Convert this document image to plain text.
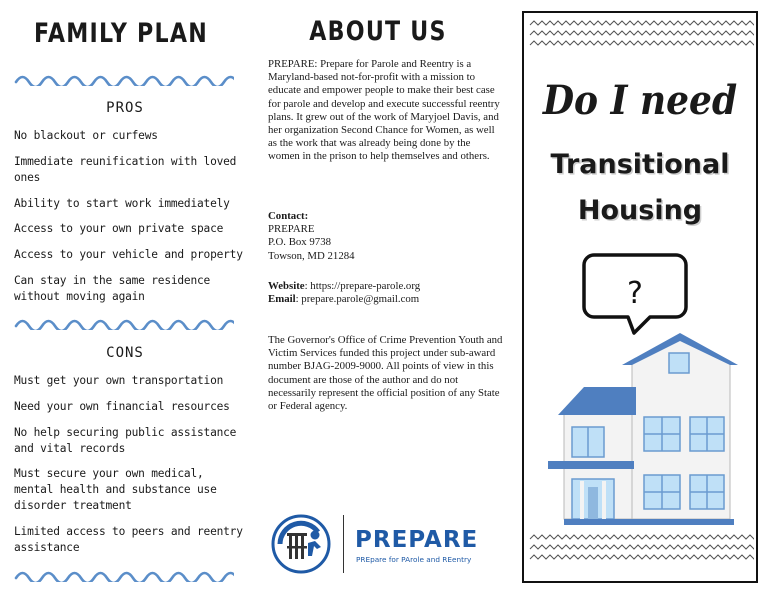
FAMILY PLAN
PROS
No blackout or curfews
Immediate reunification with loved ones
Ability to start work immediately
Access to your own private space
Access to your vehicle and property
Can stay in the same residence without moving again
CONS
Must get your own transportation
Need your own financial resources
No help securing public assistance and vital records
Must secure your own medical, mental health and substance use disorder treatment
Limited access to peers and reentry assistance
ABOUT US
PREPARE: Prepare for Parole and Reentry is a Maryland-based not-for-profit with a mission to educate and empower people to make their best case for parole and develop and execute successful reentry plans. It grew out of the work of Maryjoel Davis, and her organization Second Chance for Women, as well as the work that was already being done by the women in the prison to help themselves and others.
Contact:
PREPARE
P.O. Box 9738
Towson, MD 21284
Website: https://prepare-parole.org
Email: prepare.parole@gmail.com
The Governor's Office of Crime Prevention Youth and Victim Services funded this project under sub-award number BJAG-2009-9000. All points of view in this document are those of the author and do not necessarily represent the official position of any State or Federal agency.
PREPARE
PREpare for PArole and REentry
Do I need
Transitional
Housing
?
